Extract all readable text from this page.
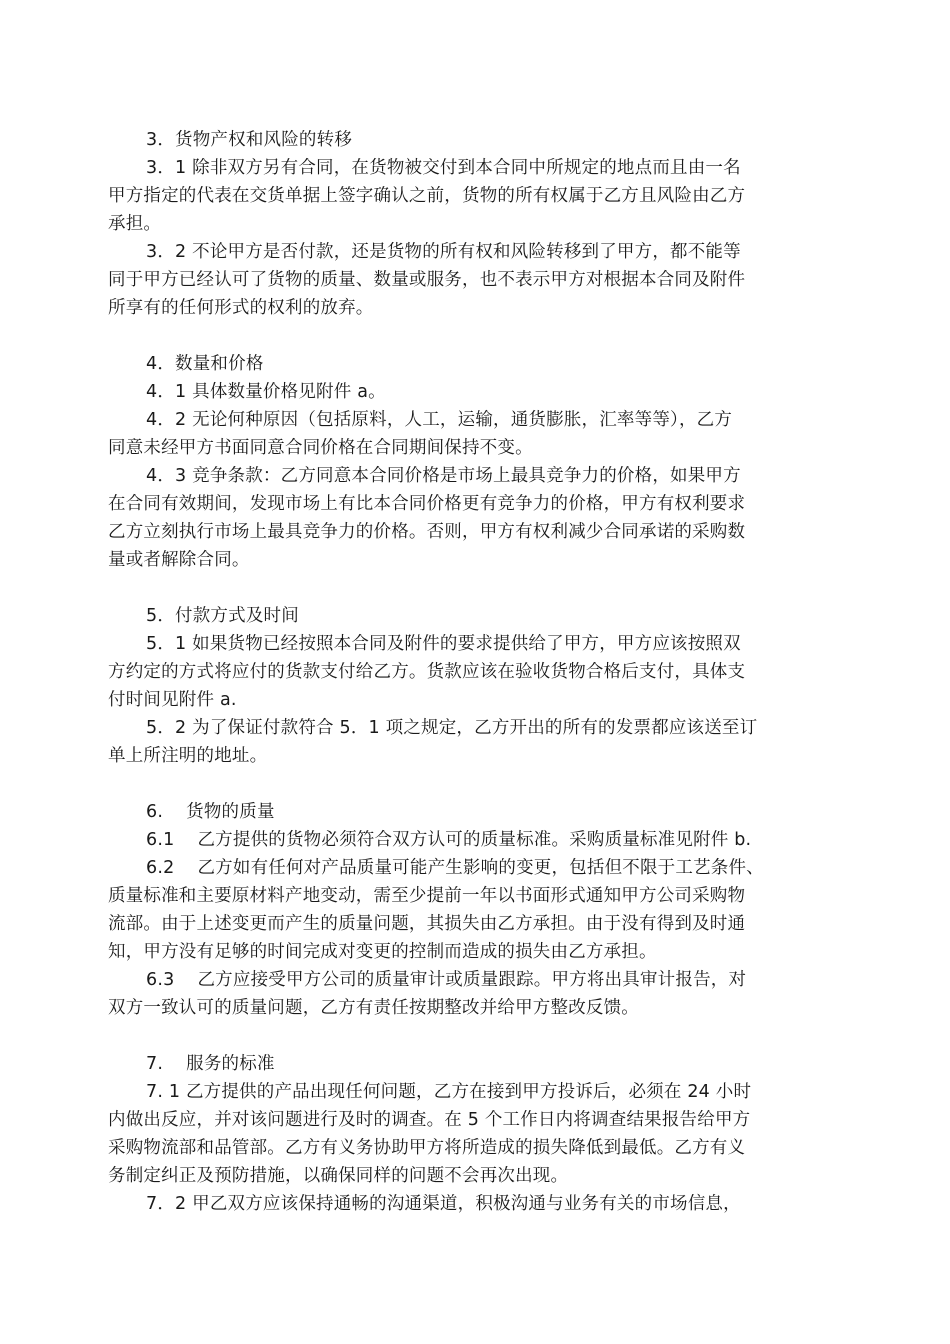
3．货物产权和风险的转移
3．1 除非双方另有合同，在货物被交付到本合同中所规定的地点而且由一名
甲方指定的代表在交货单据上签字确认之前，货物的所有权属于乙方且风险由乙方
承担。
3．2 不论甲方是否付款，还是货物的所有权和风险转移到了甲方，都不能等
同于甲方已经认可了货物的质量、数量或服务，也不表示甲方对根据本合同及附件
所享有的任何形式的权利的放弃。
4．数量和价格
4．1 具体数量价格见附件 a。
4．2 无论何种原因（包括原料，人工，运输，通货膨胀，汇率等等），乙方
同意未经甲方书面同意合同价格在合同期间保持不变。
4．3 竞争条款：乙方同意本合同价格是市场上最具竞争力的价格，如果甲方
在合同有效期间，发现市场上有比本合同价格更有竞争力的价格，甲方有权利要求
乙方立刻执行市场上最具竞争力的价格。否则，甲方有权利减少合同承诺的采购数
量或者解除合同。
5．付款方式及时间
5．1 如果货物已经按照本合同及附件的要求提供给了甲方，甲方应该按照双
方约定的方式将应付的货款支付给乙方。货款应该在验收货物合格后支付，具体支
付时间见附件 a.
5．2 为了保证付款符合 5．1 项之规定，乙方开出的所有的发票都应该送至订
单上所注明的地址。
6.    货物的质量
6.1    乙方提供的货物必须符合双方认可的质量标准。采购质量标准见附件 b.
6.2    乙方如有任何对产品质量可能产生影响的变更，包括但不限于工艺条件、
质量标准和主要原材料产地变动，需至少提前一年以书面形式通知甲方公司采购物
流部。由于上述变更而产生的质量问题，其损失由乙方承担。由于没有得到及时通
知，甲方没有足够的时间完成对变更的控制而造成的损失由乙方承担。
6.3    乙方应接受甲方公司的质量审计或质量跟踪。甲方将出具审计报告，对
双方一致认可的质量问题，乙方有责任按期整改并给甲方整改反馈。
7.    服务的标准
7. 1 乙方提供的产品出现任何问题，乙方在接到甲方投诉后，必须在 24 小时
内做出反应，并对该问题进行及时的调查。在 5 个工作日内将调查结果报告给甲方
采购物流部和品管部。乙方有义务协助甲方将所造成的损失降低到最低。乙方有义
务制定纠正及预防措施，以确保同样的问题不会再次出现。
7．2 甲乙双方应该保持通畅的沟通渠道，积极沟通与业务有关的市场信息，
